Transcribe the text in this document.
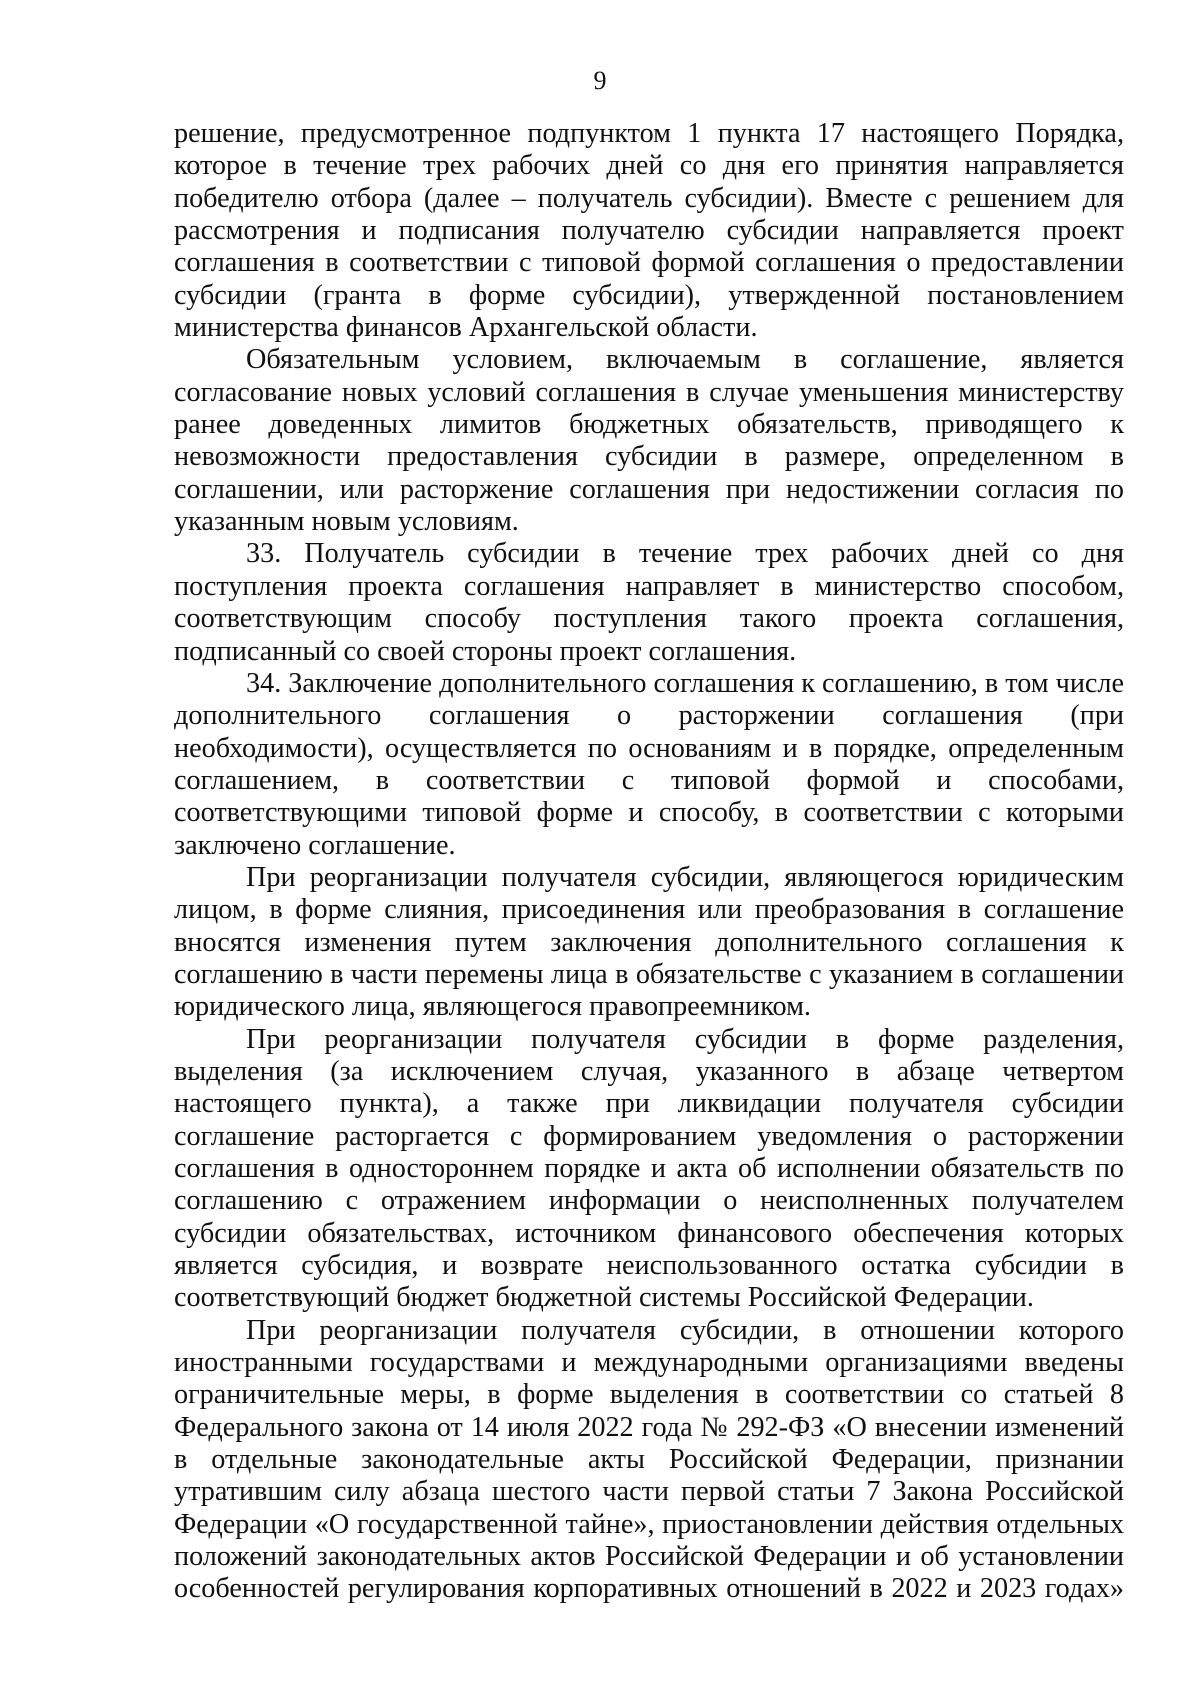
9

решение, предусмотренное подпунктом 1 пункта 17 настоящего Порядка, которое в течение трех рабочих дней со дня его принятия направляется победителю отбора (далее – получатель субсидии). Вместе с решением для рассмотрения и подписания получателю субсидии направляется проект соглашения в соответствии с типовой формой соглашения о предоставлении субсидии (гранта в форме субсидии), утвержденной постановлением министерства финансов Архангельской области.

Обязательным условием, включаемым в соглашение, является согласование новых условий соглашения в случае уменьшения министерству ранее доведенных лимитов бюджетных обязательств, приводящего к невозможности предоставления субсидии в размере, определенном в соглашении, или расторжение соглашения при недостижении согласия по указанным новым условиям.

33. Получатель субсидии в течение трех рабочих дней со дня поступления проекта соглашения направляет в министерство способом, соответствующим способу поступления такого проекта соглашения, подписанный со своей стороны проект соглашения.

34. Заключение дополнительного соглашения к соглашению, в том числе дополнительного соглашения о расторжении соглашения (при необходимости), осуществляется по основаниям и в порядке, определенным соглашением, в соответствии с типовой формой и способами, соответствующими типовой форме и способу, в соответствии с которыми заключено соглашение.

При реорганизации получателя субсидии, являющегося юридическим лицом, в форме слияния, присоединения или преобразования в соглашение вносятся изменения путем заключения дополнительного соглашения к соглашению в части перемены лица в обязательстве с указанием в соглашении юридического лица, являющегося правопреемником.

При реорганизации получателя субсидии в форме разделения, выделения (за исключением случая, указанного в абзаце четвертом настоящего пункта), а также при ликвидации получателя субсидии соглашение расторгается с формированием уведомления о расторжении соглашения в одностороннем порядке и акта об исполнении обязательств по соглашению с отражением информации о неисполненных получателем субсидии обязательствах, источником финансового обеспечения которых является субсидия, и возврате неиспользованного остатка субсидии в соответствующий бюджет бюджетной системы Российской Федерации.

При реорганизации получателя субсидии, в отношении которого иностранными государствами и международными организациями введены ограничительные меры, в форме выделения в соответствии со статьей 8 Федерального закона от 14 июля 2022 года № 292-ФЗ «О внесении изменений в отдельные законодательные акты Российской Федерации, признании утратившим силу абзаца шестого части первой статьи 7 Закона Российской Федерации «О государственной тайне», приостановлении действия отдельных положений законодательных актов Российской Федерации и об установлении особенностей регулирования корпоративных отношений в 2022 и 2023 годах»
